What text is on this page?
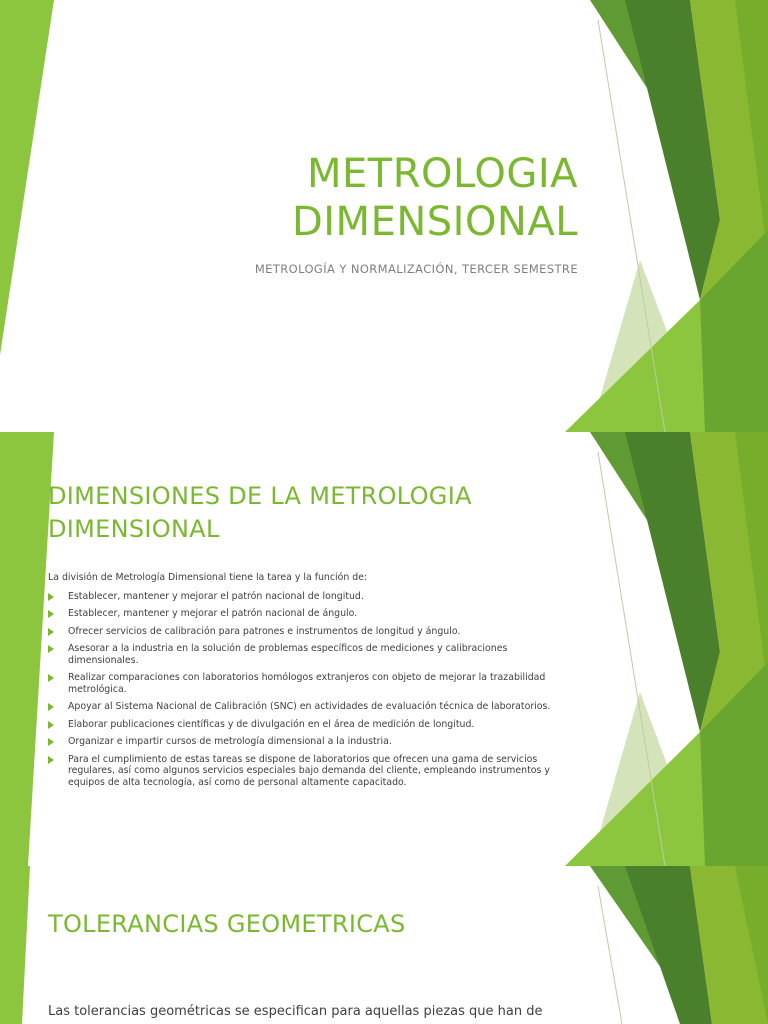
METROLOGIA
DIMENSIONAL
METROLOGÍA Y NORMALIZACIÓN, TERCER SEMESTRE
DIMENSIONES DE LA METROLOGIA
DIMENSIONAL
La división de Metrología Dimensional tiene la tarea y la función de:
Establecer, mantener y mejorar el patrón nacional de longitud.
Establecer, mantener y mejorar el patrón nacional de ángulo.
Ofrecer servicios de calibración para patrones e instrumentos de longitud y ángulo.
Asesorar a la industria en la solución de problemas específicos de mediciones y calibraciones dimensionales.
Realizar comparaciones con laboratorios homólogos extranjeros con objeto de mejorar la trazabilidad metrológica.
Apoyar al Sistema Nacional de Calibración (SNC) en actividades de evaluación técnica de laboratorios.
Elaborar publicaciones científicas y de divulgación en el área de medición de longitud.
Organizar e impartir cursos de metrología dimensional a la industria.
Para el cumplimiento de estas tareas se dispone de laboratorios que ofrecen una gama de servicios regulares, así como algunos servicios especiales bajo demanda del cliente, empleando instrumentos y equipos de alta tecnología, así como de personal altamente capacitado.
TOLERANCIAS GEOMETRICAS
Las tolerancias geométricas se especifican para aquellas piezas que han de
